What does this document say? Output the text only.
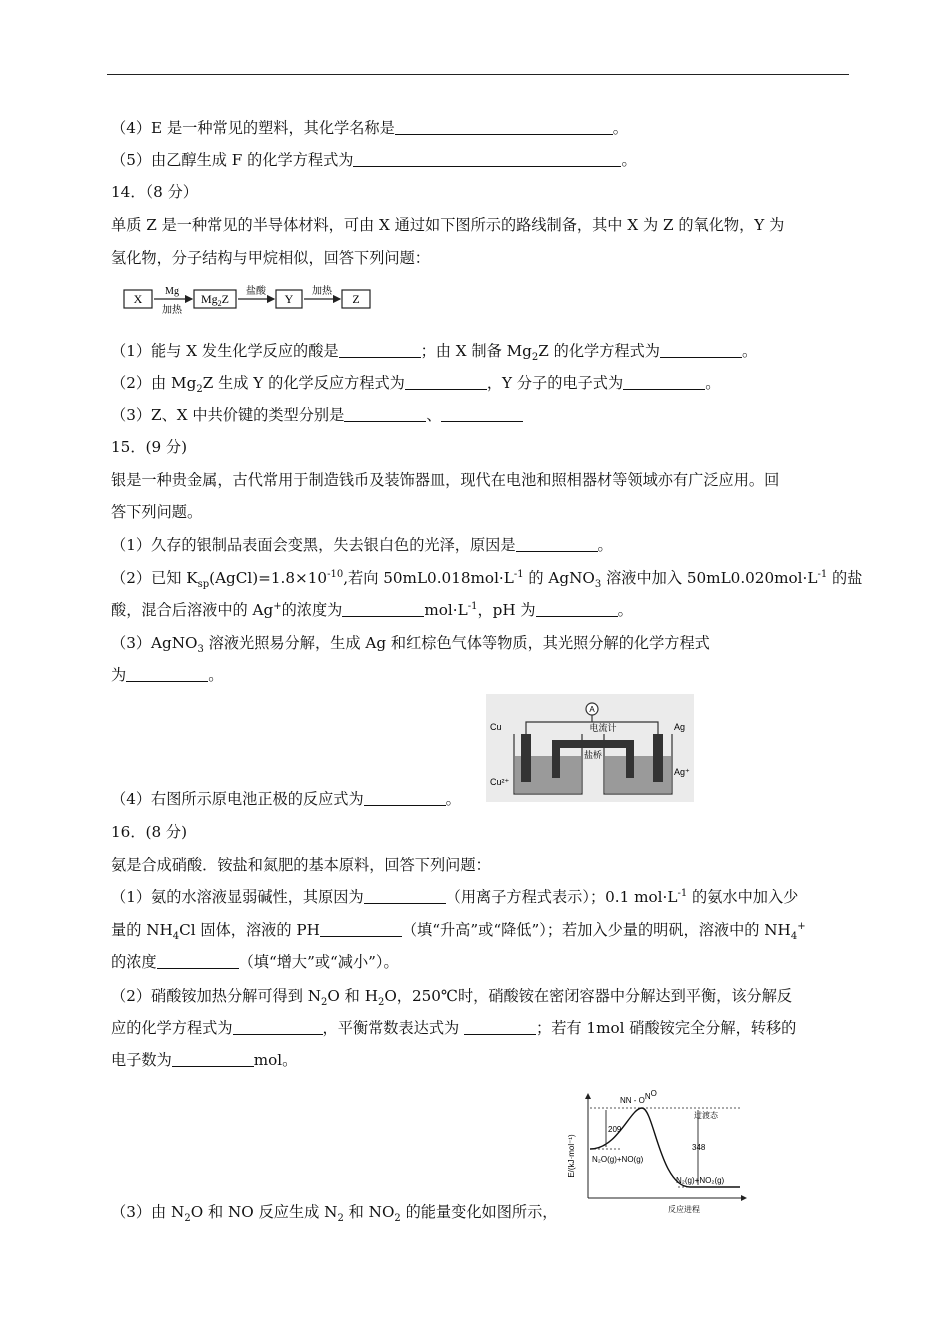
（4）E 是一种常见的塑料，其化学名称是	。
（5）由乙醇生成 F 的化学方程式为	。
14．（8 分）
单质 Z 是一种常见的半导体材料，可由 X 通过如下图所示的路线制备，其中 X 为 Z 的氧化物，Y 为
氢化物，分子结构与甲烷相似，回答下列问题：
X
Mg
加热
$Mg_2Z$
盐酸
Y
加热
Z
（1）能与 X 发生化学反应的酸是	；由 X 制备 $Mg_2Z$ 的化学方程式为	。
（2）由 $Mg_2Z$ 生成 Y 的化学反应方程式为	，Y 分子的电子式为	。
（3）Z、X 中共价键的类型分别是	、
15．(9 分)
银是一种贵金属，古代常用于制造钱币及装饰器皿，现代在电池和照相器材等领域亦有广泛应用。回
答下列问题。
（1）久存的银制品表面会变黑，失去银白色的光泽，原因是	。
（2）已知 $K_{sp}(AgCl)=1.8\times 10^{-10}$,若向 $50mL0.018mol\cdot L^{-1}$ 的 AgNO$_3$ 溶液中加入 $50mL0.020mol\cdot L^{-1}$ 的盐
酸，混合后溶液中的 Ag+的浓度为	$mol\cdot L^{-1}$，pH 为	。
（3）AgNO$_3$ 溶液光照易分解，生成 Ag 和红棕色气体等物质，其光照分解的化学方程式
为	。
A
电流计
盐桥
Cu
Cu²⁺
Ag
Ag⁺
（4）右图所示原电池正极的反应式为	。
16．(8 分)
氨是合成硝酸．铵盐和氮肥的基本原料，回答下列问题：
（1）氨的水溶液显弱碱性，其原因为	（用离子方程式表示）；0.1 $mol\cdot L^{-1}$ 的氨水中加入少
量的 $NH_4Cl$ 固体，溶液的 PH	（填“升高”或“降低”）；若加入少量的明矾，溶液中的 $NH_4^+$
的浓度	（填“增大”或“减小”）。
（2）硝酸铵加热分解可得到 $N_2O$ 和 $H_2O$，250℃时，硝酸铵在密闭容器中分解达到平衡，该分解反
应的化学方程式为	，平衡常数表达式为	；若有 1mol 硝酸铵完全分解，转移的
电子数为	mol。
E/(kJ·mol⁻¹)
反应进程
209
348
NN - ONO
过渡态
N₂O(g)+NO(g)
N₂(g)+NO₂(g)
（3）由 $N_2O$ 和 NO 反应生成 $N_2$ 和 $NO_2$ 的能量变化如图所示，
